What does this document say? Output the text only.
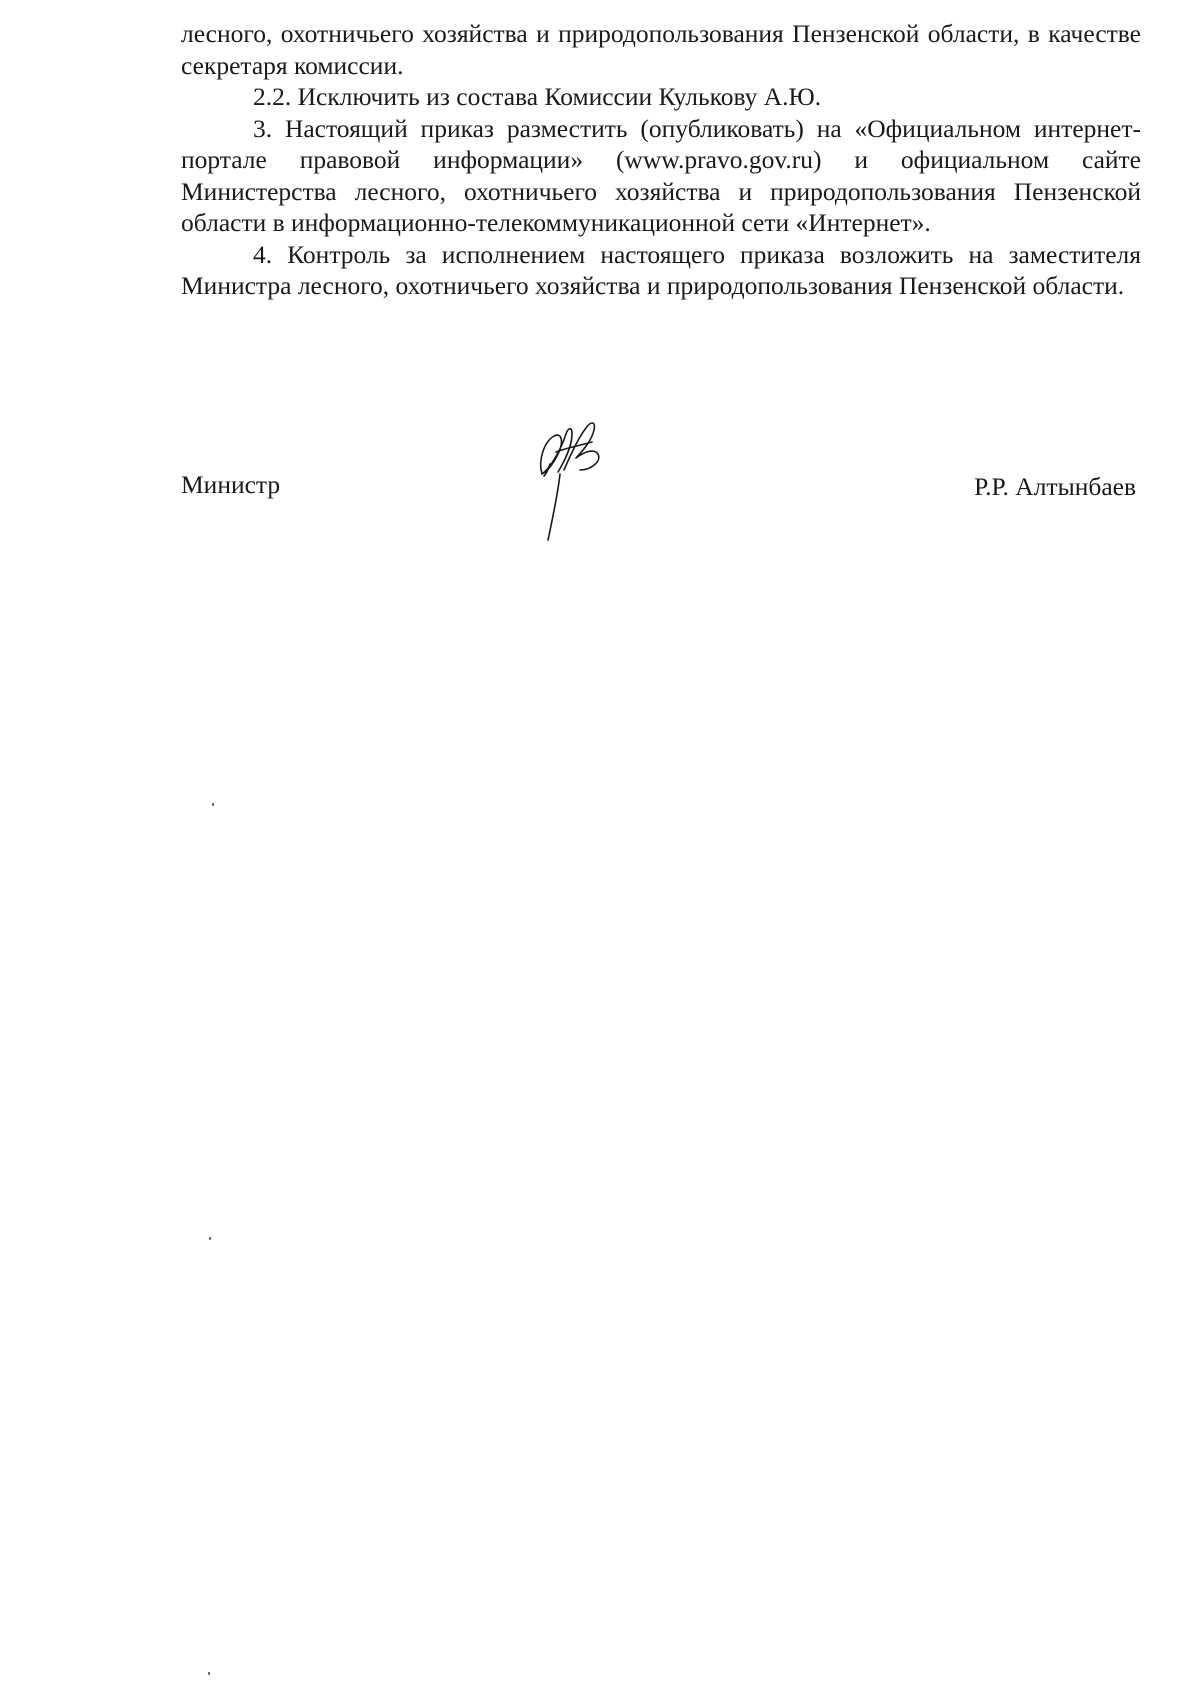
лесного, охотничьего хозяйства и природопользования Пензенской области, в качестве секретаря комиссии.

2.2. Исключить из состава Комиссии Кулькову А.Ю.

3. Настоящий приказ разместить (опубликовать) на «Официальном интернет-портале правовой информации» (www.pravo.gov.ru) и официальном сайте Министерства лесного, охотничьего хозяйства и природопользования Пензенской области в информационно-телекоммуникационной сети «Интернет».

4. Контроль за исполнением настоящего приказа возложить на заместителя Министра лесного, охотничьего хозяйства и природопользования Пензенской области.

Министр	Р.Р. Алтынбаев
